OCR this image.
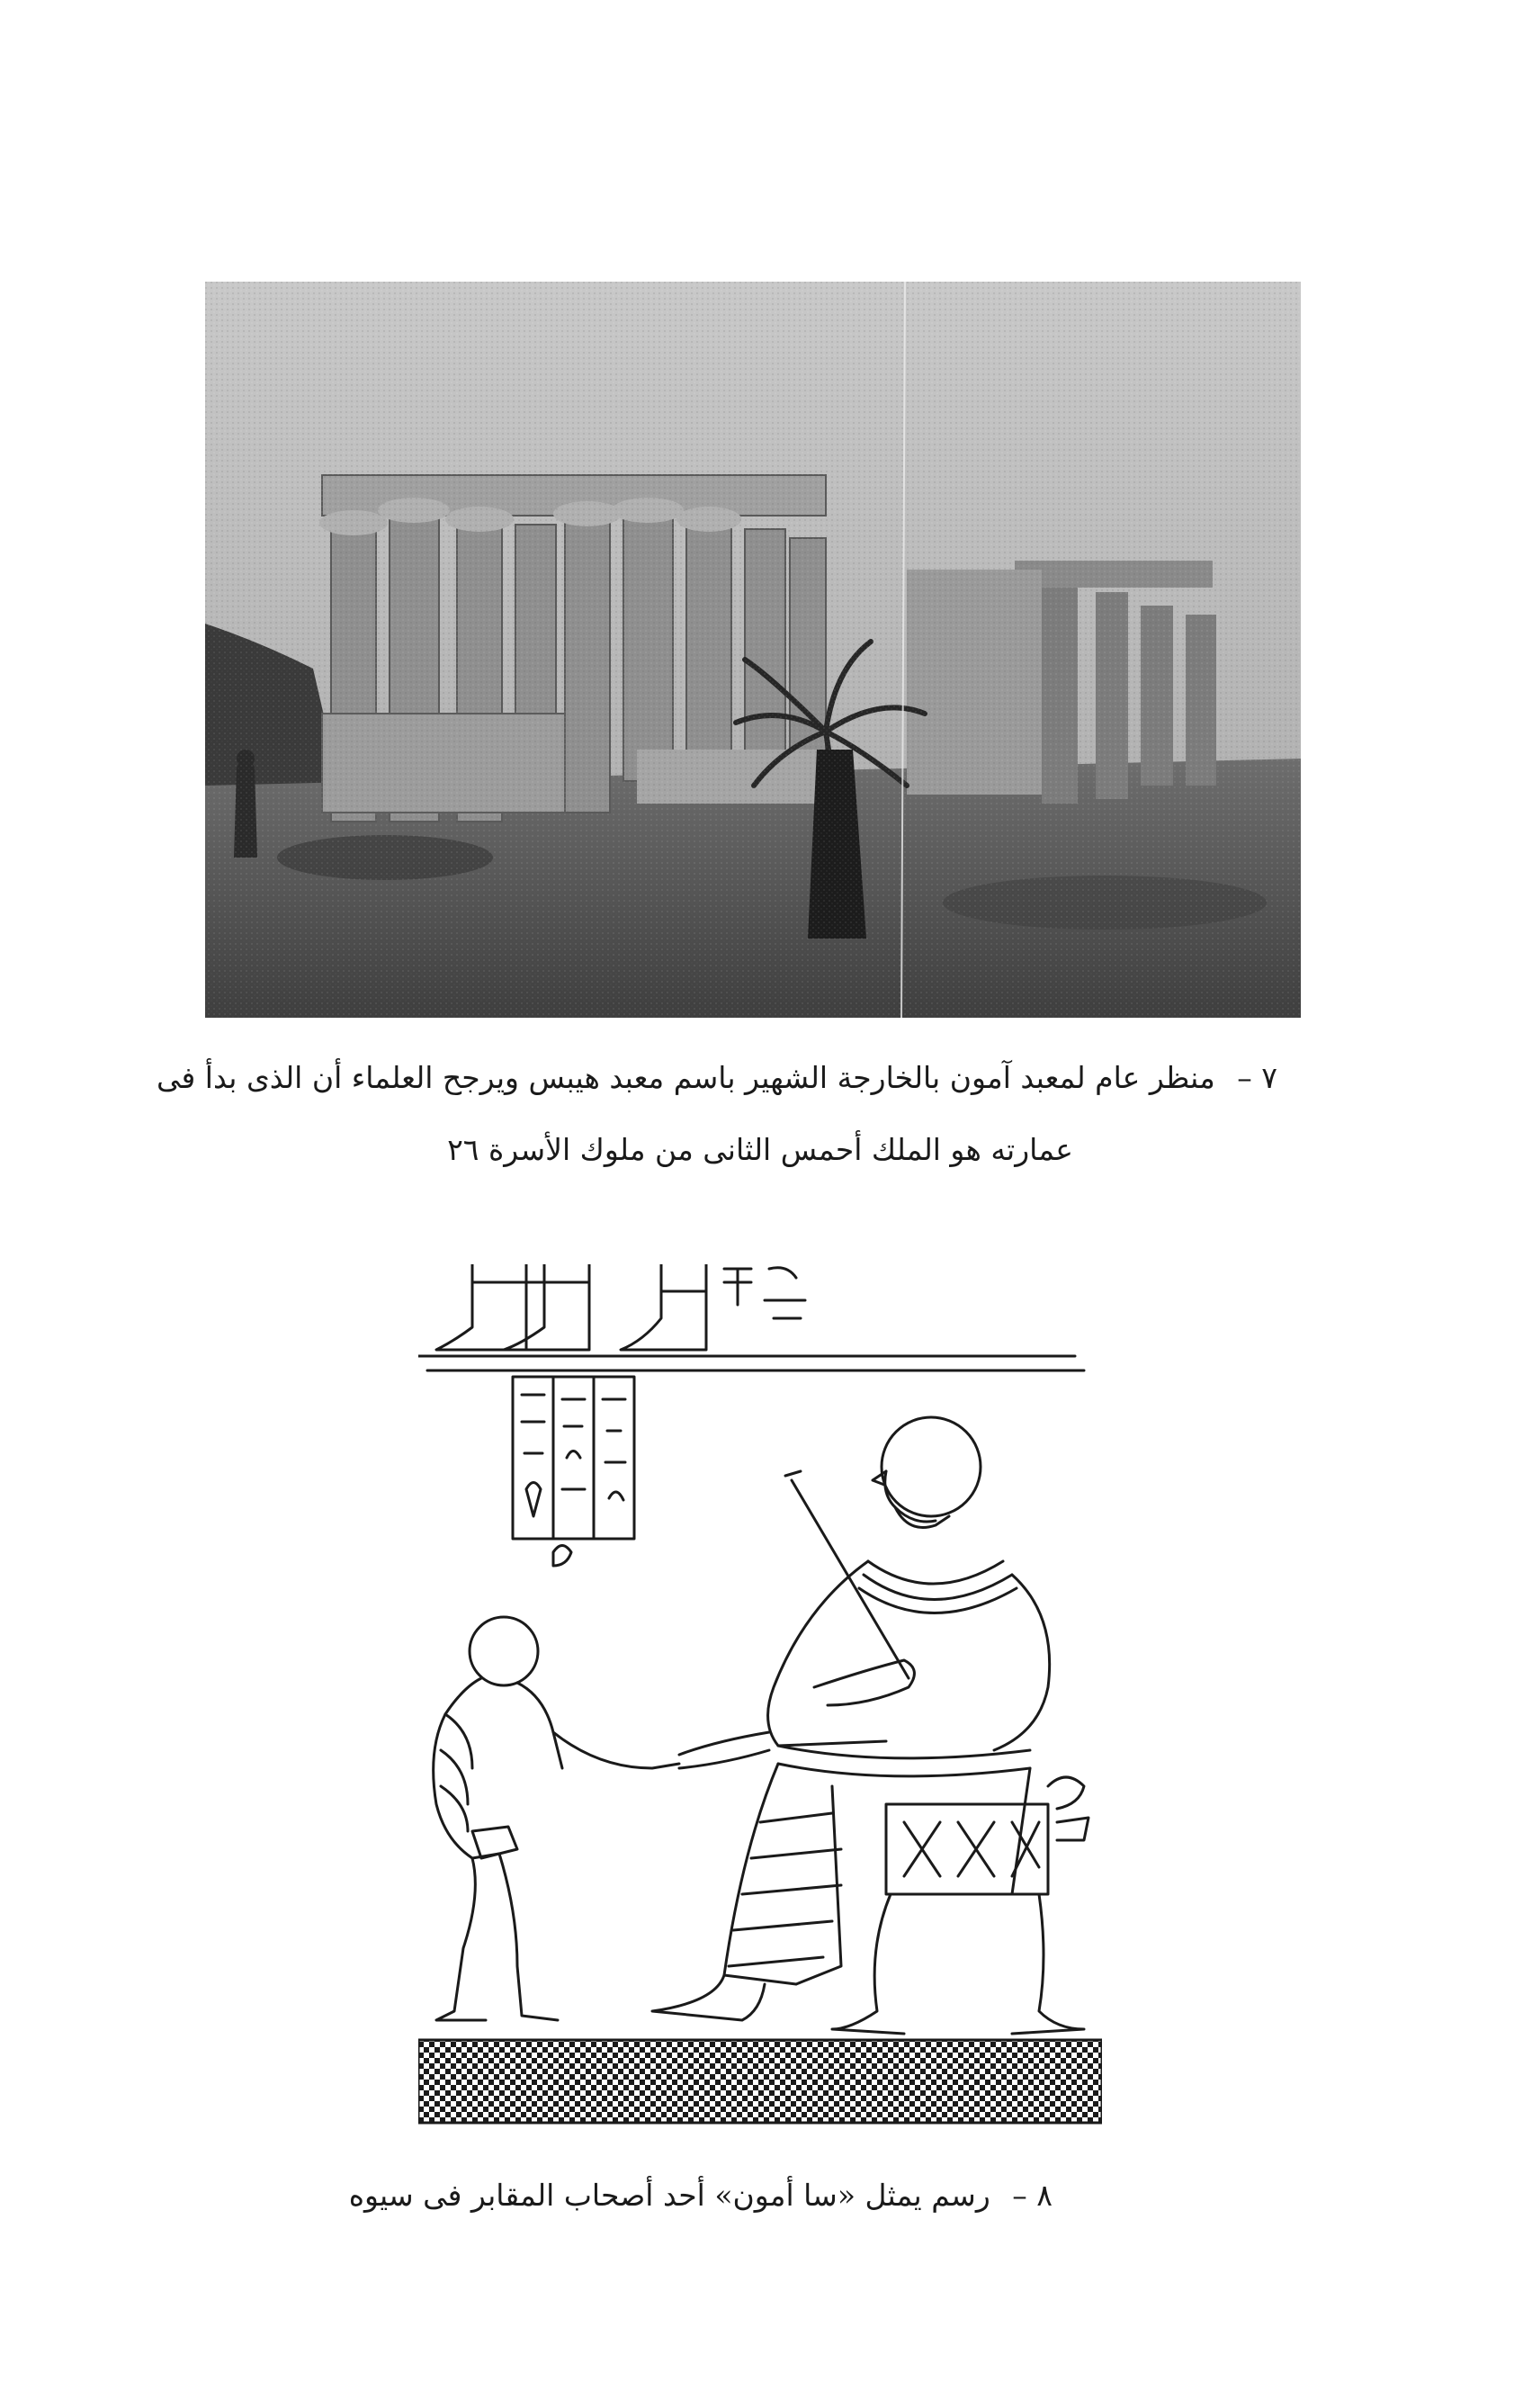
٧ – منظر عام لمعبد آمون بالخارجة الشهير باسم معبد هيبس ويرجح العلماء أن الذى بدأ فى
عمارته هو الملك أحمس الثانى من ملوك الأسرة ٢٦
٨ – رسم يمثل «سا أمون» أحد أصحاب المقابر فى سيوه
